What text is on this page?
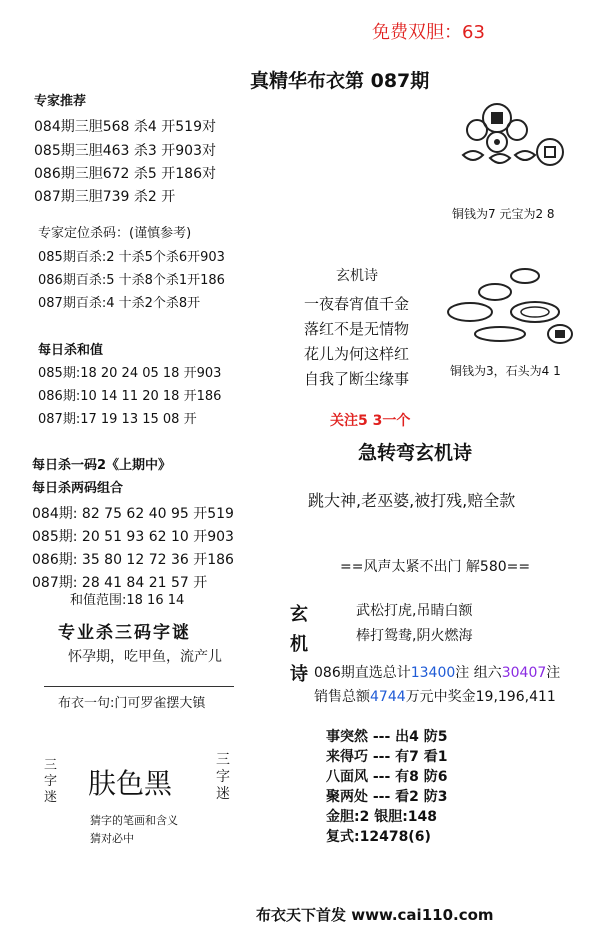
免费双胆：63
真精华布衣第 087期
专家推荐
084期三胆568 杀4 开519对
085期三胆463 杀3 开903对
086期三胆672 杀5 开186对
087期三胆739 杀2 开
铜钱为7 元宝为2 8
专家定位杀码：(谨慎参考)
085期百杀:2 十杀5个杀6开903
086期百杀:5 十杀8个杀1开186
087期百杀:4 十杀2个杀8开
玄机诗
一夜春宵值千金
落红不是无情物
花儿为何这样红
自我了断尘缘事	铜钱为3，石头为4 1
每日杀和值
085期:18 20 24 05 18 开903
086期:10 14 11 20 18 开186
087期:17 19 13 15 08 开	关注5 3一个
急转弯玄机诗
跳大神,老巫婆,被打残,赔全款
每日杀一码2《上期中》
每日杀两码组合
084期: 82 75 62 40 95 开519
085期: 20 51 93 62 10 开903
086期: 35 80 12 72 36 开186
087期: 28 41 84 21 57 开
和值范围:18 16 14
==风声太紧不出门 解580==
玄
机
诗
武松打虎,吊睛白额
棒打鸳鸯,阴火燃海
专业杀三码字谜
怀孕期，吃甲鱼，流产儿
086期直选总计13400注 组六30407注
销售总额4744万元中奖金19,196,411
布衣一句:门可罗雀摆大镇
事突然 --- 出4 防5
来得巧 --- 有7 看1
八面风 --- 有8 防6
聚两处 --- 看2 防3
金胆:2 银胆:148
复式:12478(6)
三
字
迷 肤色黑
三
字
迷
猜字的笔画和含义
猜对必中
布衣天下首发 www.cai110.com
